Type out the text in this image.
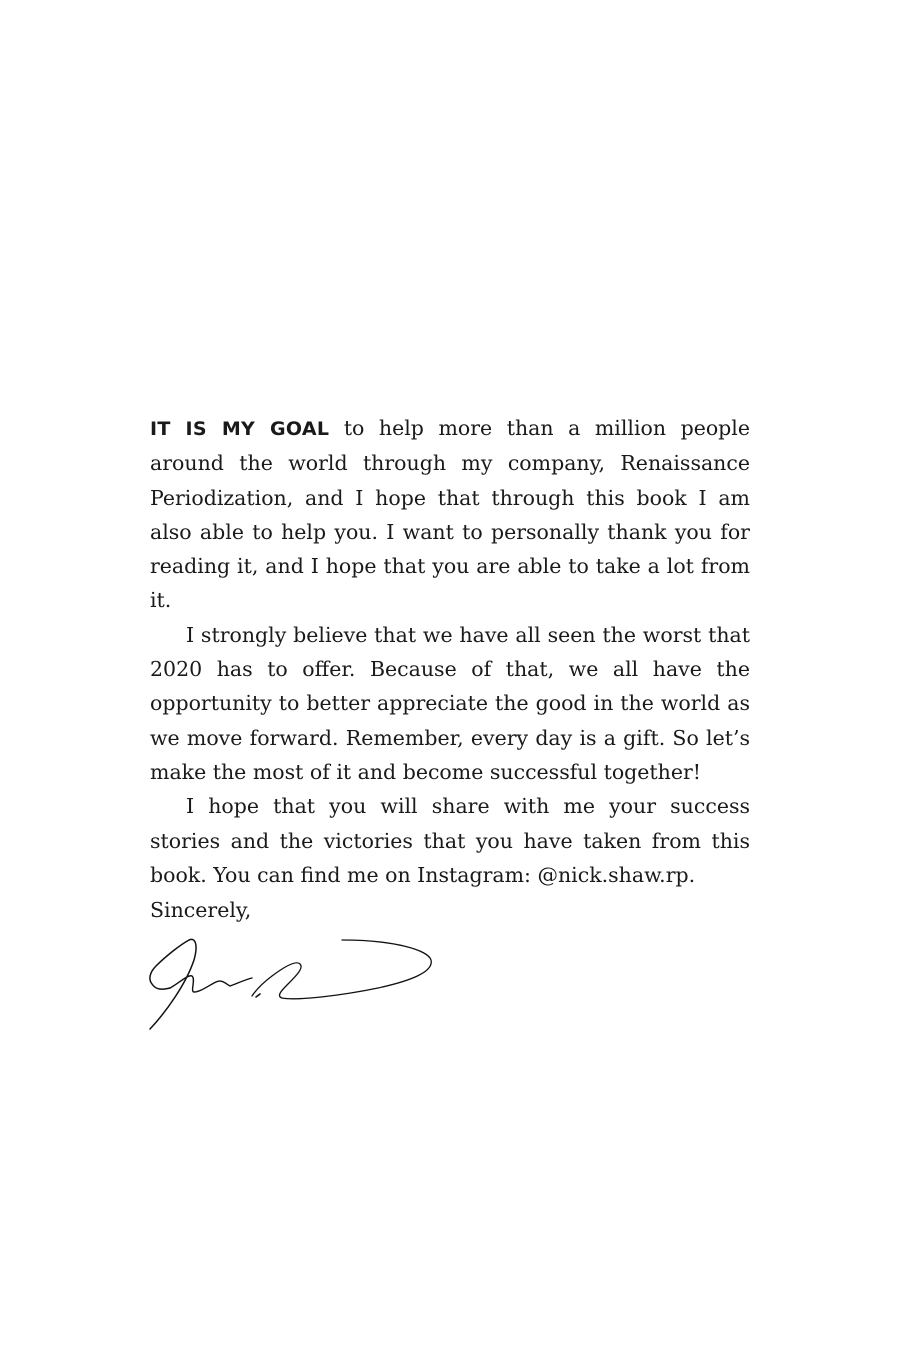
IT IS MY GOAL to help more than a million people around the world through my company, Renaissance Periodization, and I hope that through this book I am also able to help you. I want to personally thank you for reading it, and I hope that you are able to take a lot from it.

I strongly believe that we have all seen the worst that 2020 has to offer. Because of that, we all have the opportunity to better appreciate the good in the world as we move forward. Remember, every day is a gift. So let’s make the most of it and become successful together!

I hope that you will share with me your success stories and the victories that you have taken from this book. You can find me on Instagram: @nick.shaw.rp.

Sincerely,
